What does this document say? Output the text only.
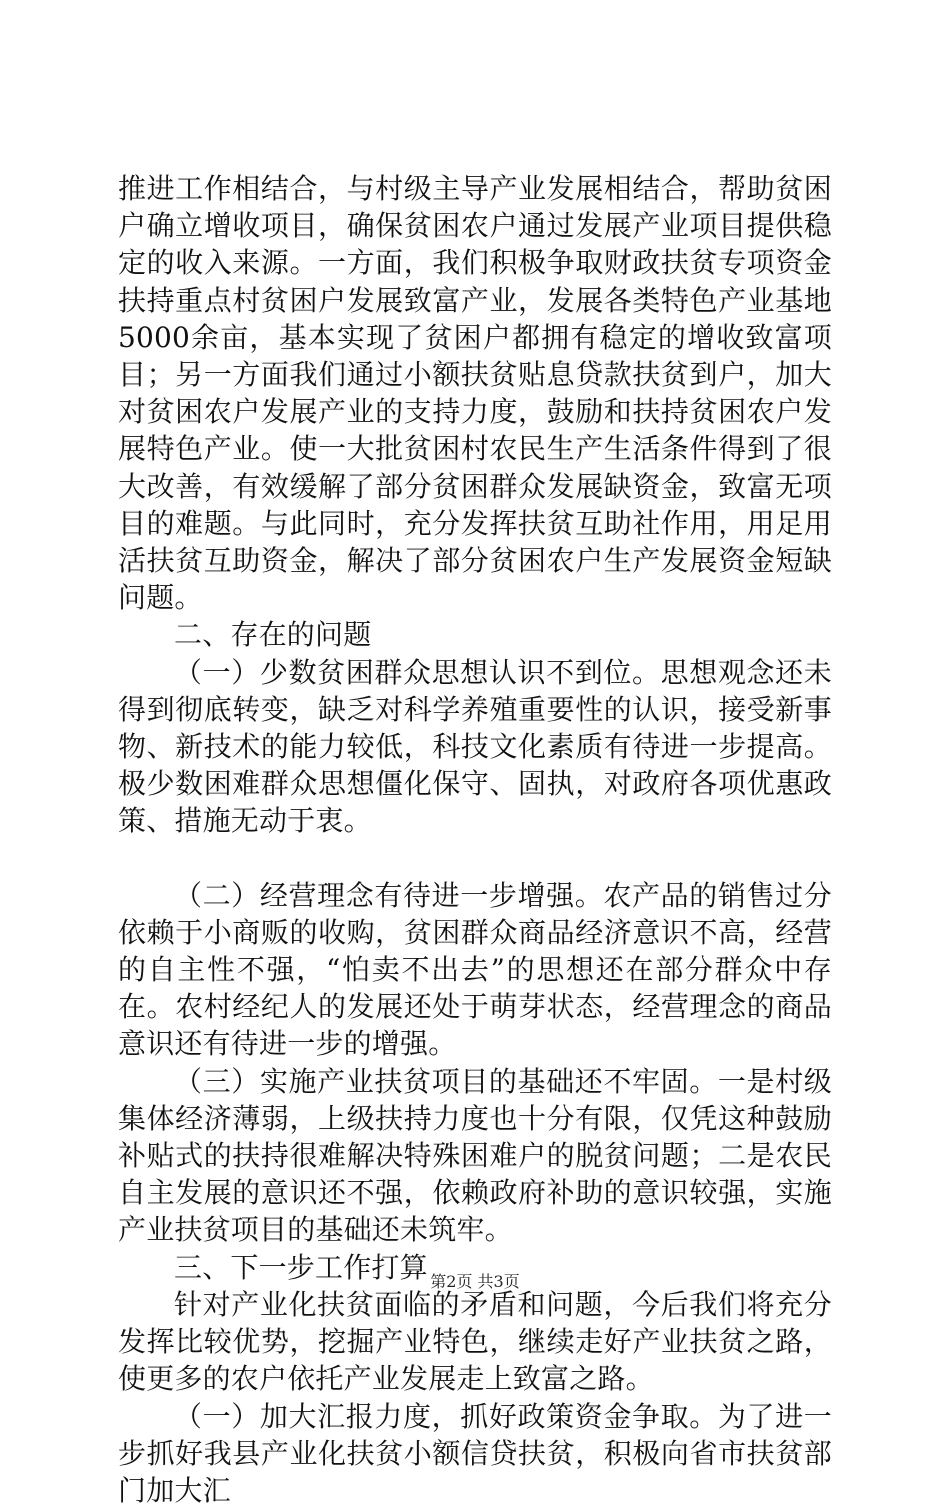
推进工作相结合，与村级主导产业发展相结合，帮助贫困户确立增收项目，确保贫困农户通过发展产业项目提供稳定的收入来源。一方面，我们积极争取财政扶贫专项资金扶持重点村贫困户发展致富产业，发展各类特色产业基地5000余亩，基本实现了贫困户都拥有稳定的增收致富项目；另一方面我们通过小额扶贫贴息贷款扶贫到户，加大对贫困农户发展产业的支持力度，鼓励和扶持贫困农户发展特色产业。使一大批贫困村农民生产生活条件得到了很大改善，有效缓解了部分贫困群众发展缺资金，致富无项目的难题。与此同时，充分发挥扶贫互助社作用，用足用活扶贫互助资金，解决了部分贫困农户生产发展资金短缺问题。

二、存在的问题

（一）少数贫困群众思想认识不到位。思想观念还未得到彻底转变，缺乏对科学养殖重要性的认识，接受新事物、新技术的能力较低，科技文化素质有待进一步提高。极少数困难群众思想僵化保守、固执，对政府各项优惠政策、措施无动于衷。

（二）经营理念有待进一步增强。农产品的销售过分依赖于小商贩的收购，贫困群众商品经济意识不高，经营的自主性不强，“怕卖不出去”的思想还在部分群众中存在。农村经纪人的发展还处于萌芽状态，经营理念的商品意识还有待进一步的增强。

（三）实施产业扶贫项目的基础还不牢固。一是村级集体经济薄弱，上级扶持力度也十分有限，仅凭这种鼓励补贴式的扶持很难解决特殊困难户的脱贫问题；二是农民自主发展的意识还不强，依赖政府补助的意识较强，实施产业扶贫项目的基础还未筑牢。

三、下一步工作打算

针对产业化扶贫面临的矛盾和问题，今后我们将充分发挥比较优势，挖掘产业特色，继续走好产业扶贫之路，使更多的农户依托产业发展走上致富之路。

（一）加大汇报力度，抓好政策资金争取。为了进一步抓好我县产业化扶贫小额信贷扶贫，积极向省市扶贫部门加大汇

第2页 共3页
